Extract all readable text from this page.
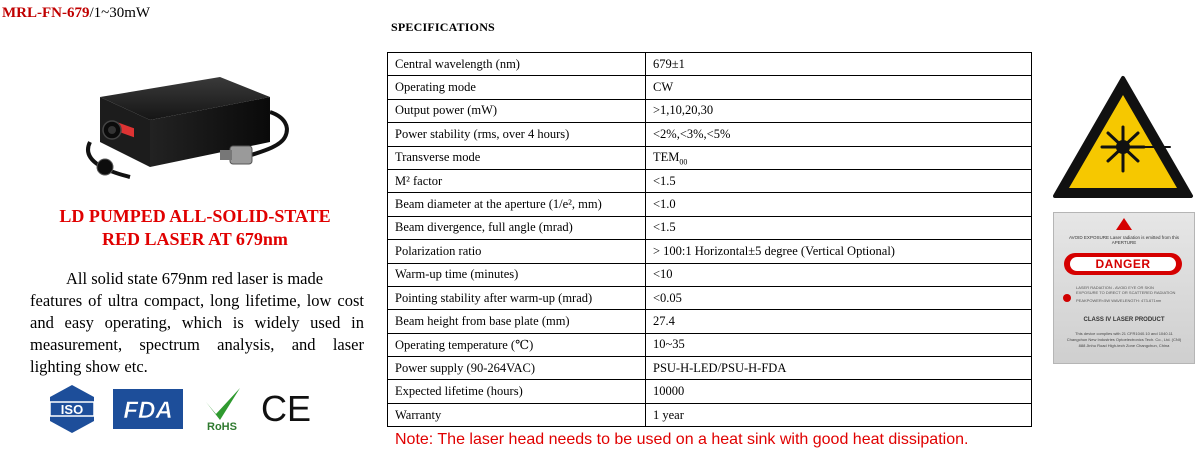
MRL-FN-679/1~30mW
LD PUMPED ALL-SOLID-STATE
RED LASER AT 679nm
All solid state 679nm red laser is made
features of ultra compact, long lifetime, low cost and easy operating, which is widely used in measurement, spectrum analysis, and laser lighting show etc.
ISO FDA
RoHS CE
SPECIFICATIONS
Central wavelength (nm)	679±1
Operating mode	CW
Output power (mW)	>1,10,20,30
Power stability (rms, over 4 hours)	<2%,<3%,<5%
Transverse mode	$TEM_{00}$
M² factor	<1.5
Beam diameter at the aperture (1/e², mm)	<1.0
Beam divergence, full angle (mrad)	<1.5
Polarization ratio	> 100:1 Horizontal±5 degree (Vertical Optional)
Warm-up time (minutes)	<10
Pointing stability after warm-up (mrad)	<0.05
Beam height from base plate (mm)	27.4
Operating temperature (℃)	10~35
Power supply (90-264VAC)	PSU-H-LED/PSU-H-FDA
Expected lifetime (hours)	10000
Warranty	1 year
Note: The laser head needs to be used on a heat sink with good heat dissipation.
AVOID EXPOSURE Laser radiation is emitted from this APERTURE
DANGER
LASER RADIATION - AVOID EYE OR SKIN
EXPOSURE TO DIRECT OR SCATTERED RADIATION
PEAKPOWER<5W WAVELENGTH: 473-671nm
CLASS IV LASER PRODUCT
This device complies with 21 CFR1040.10 and 1040.11
Changchun New Industries Optoelectronics Tech. Co., Ltd. (CNI)
888 Jinhu Road High-tech Zone Changchun, China
